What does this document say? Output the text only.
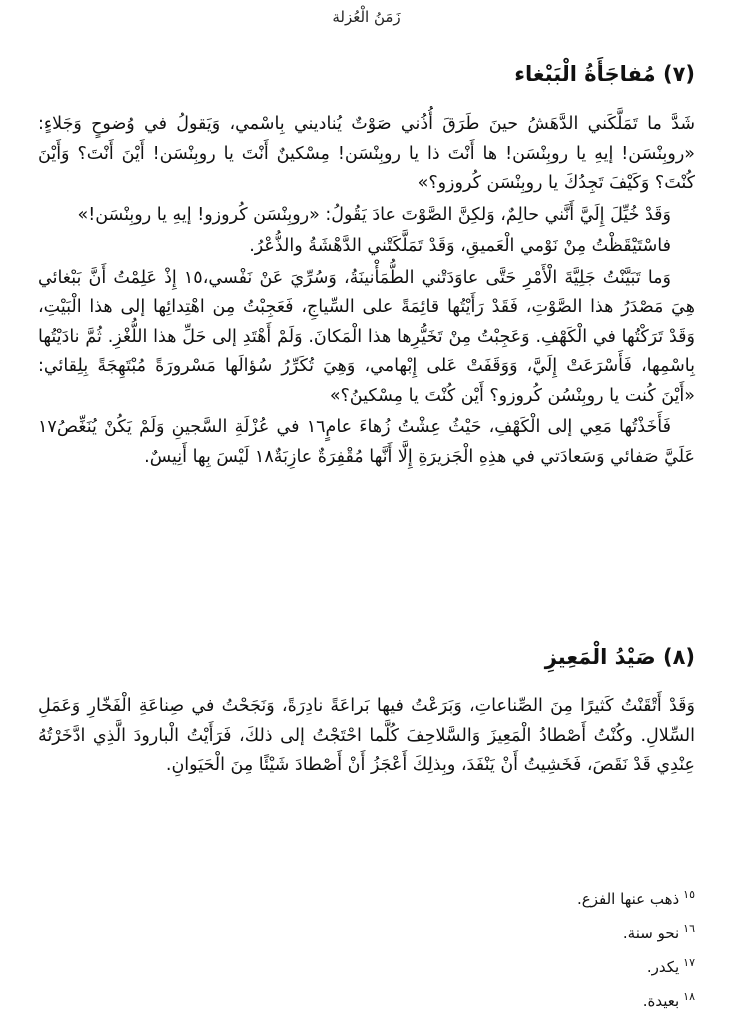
زَمَنُ الْعُزلة
(٧) مُفاجَأَةُ الْبَبْغاء

شَدَّ ما تَمَلَّكَني الدَّهَشُ حينَ طَرَقَ أُذُني صَوْتٌ يُناديني بِاسْمي، وَيَقولُ في وُضوحٍ وَجَلاءٍ: «روبِنْسَن! إيهِ يا روبِنْسَن! ها أَنْتَ ذا يا روبِنْسَن! مِسْكينٌ أَنْتَ يا روبِنْسَن! أَيْنَ أَنْتَ؟ وَأَيْنَ كُنْتَ؟ وَكَيْفَ تَجِدُكَ يا روبِنْسَن كُروزو؟»

وَقَدْ خُيِّلَ إِلَيَّ أَنَّني حالِمٌ، وَلكِنَّ الصَّوْتَ عادَ يَقُولُ: «روبِنْسَن كُروزو! إيهِ يا روبِنْسَن!»

فاسْتَيْقَظْتُ مِنْ نَوْمي الْعَميقِ، وَقَدْ تَمَلَّكَتْني الدَّهْشَةُ والذُّعْرُ.

وَما تَبَيَّنْتُ جَلِيَّةَ الْأَمْرِ حَتَّى عاوَدَتْني الطُّمَأْنينَةُ، وَسُرِّيَ عَنْ نَفْسي،١٥ إِذْ عَلِمْتُ أَنَّ بَبْغائي هِيَ مَصْدَرُ هذا الصَّوْتِ، فَقَدْ رَأَيْتُها قائِمَةً على السِّياجِ، فَعَجِبْتُ مِن اهْتِدائِها إلى هذا الْبَيْتِ، وَقَدْ تَرَكْتُها في الْكَهْفِ. وَعَجِبْتُ مِنْ تَخَيُّرِها هذا الْمَكانَ. وَلَمْ أَهْتَدِ إلى حَلِّ هذا اللُّغْزِ. ثُمَّ نادَيْتُها بِاسْمِها، فَأَسْرَعَتْ إِلَيَّ، وَوَقَفَتْ عَلى إِبْهامي، وَهِيَ تُكَرِّرُ سُؤالَها مَسْرورَةً مُبْتَهِجَةً بِلِقائي: «أَيْنَ كُنت يا روبِنْسُن كُروزو؟ أَيْن كُنْتَ يا مِسْكينُ؟»

فَأَخَذْتُها مَعِي إلى الْكَهْفِ، حَيْثُ عِشْتُ زُهاءَ عامٍ١٦ في عُزْلَةِ السَّجينِ وَلَمْ يَكُنْ يُنَغِّصُ١٧ عَلَيَّ صَفائي وَسَعادَتي في هذِهِ الْجَزيرَةِ إِلَّا أَنَّها مُقْفِرَةٌ عازِبَةٌ١٨ لَيْسَ بِها أَنِيسٌ.

(٨) صَيْدُ الْمَعِيزِ

وَقَدْ أَتْقَنْتُ كَثيرًا مِنَ الصِّناعاتِ، وَبَرَعْتُ فيها بَراعَةً نادِرَةً، وَنَجَحْتُ في صِناعَةِ الْفَخّارِ وَعَمَلِ السِّلالِ. وكُنْتُ أَصْطادُ الْمَعِيزَ وَالسَّلاحِفَ كُلَّما احْتَجْتُ إلى ذلكَ، فَرَأَيْتُ الْبارودَ الَّذِي ادَّخَرْتُهُ عِنْدِي قَدْ نَقَصَ، فَخَشِيتُ أَنْ يَنْفَدَ، وبِذلِكَ أَعْجَزُ أَنْ أَصْطادَ شَيْئًا مِنَ الْحَيَوانِ.

$^{١٥}$ذهب عنها الفزع.
$^{١٦}$نحو سنة.
$^{١٧}$يكدر.
$^{١٨}$بعيدة.
